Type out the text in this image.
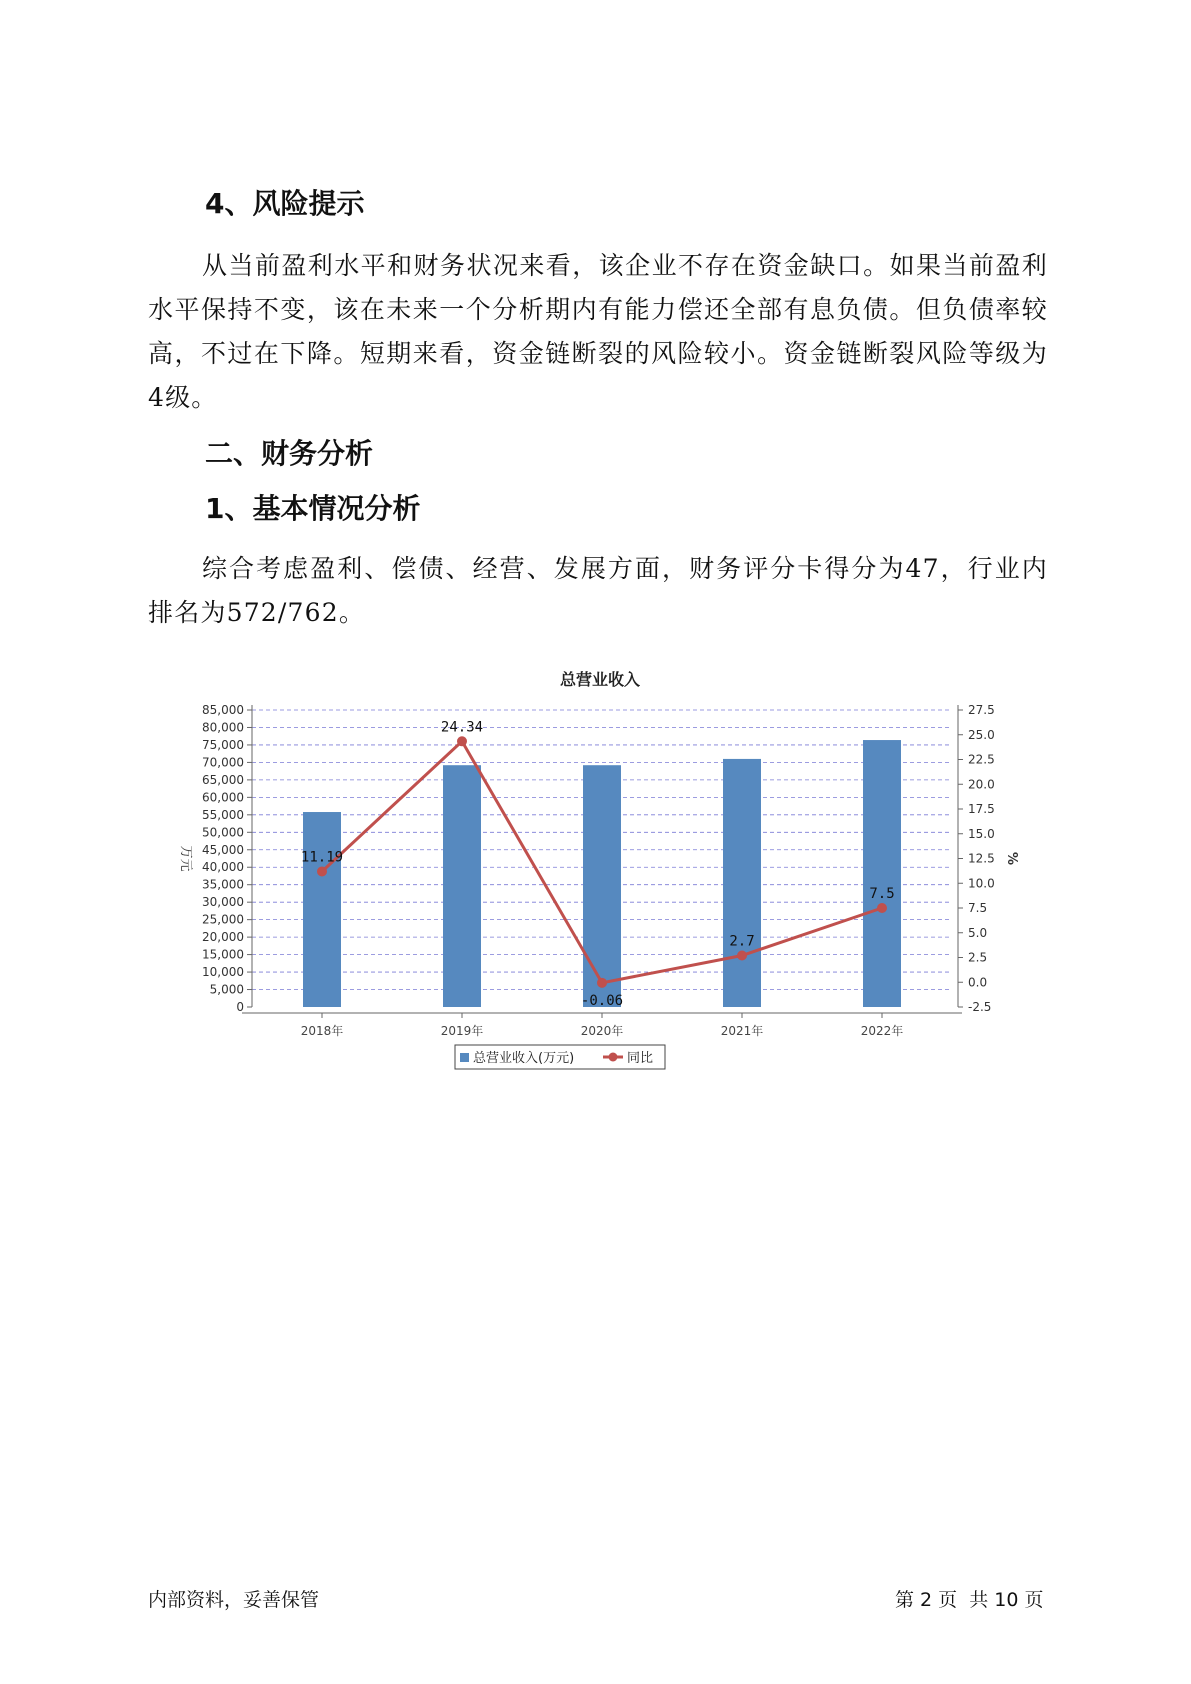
4、风险提示

从当前盈利水平和财务状况来看，该企业不存在资金缺口。如果当前盈利水平保持不变，该在未来一个分析期内有能力偿还全部有息负债。但负债率较高，不过在下降。短期来看，资金链断裂的风险较小。资金链断裂风险等级为4级。

二、财务分析
1、基本情况分析

综合考虑盈利、偿债、经营、发展方面，财务评分卡得分为47，行业内排名为572/762。

总营业收入
0
5,000
10,000
15,000
20,000
25,000
30,000
35,000
40,000
45,000
50,000
55,000
60,000
65,000
70,000
75,000
80,000
85,000
-2.5
0.0
2.5
5.0
7.5
10.0
12.5
15.0
17.5
20.0
22.5
25.0
27.5
万元	%
2018年	2019年	2020年	2021年	2022年
11.19
24.34
-0.06
2.7
7.5
总营业收入(万元)	同比
内部资料，妥善保管	第 2 页  共 10 页
